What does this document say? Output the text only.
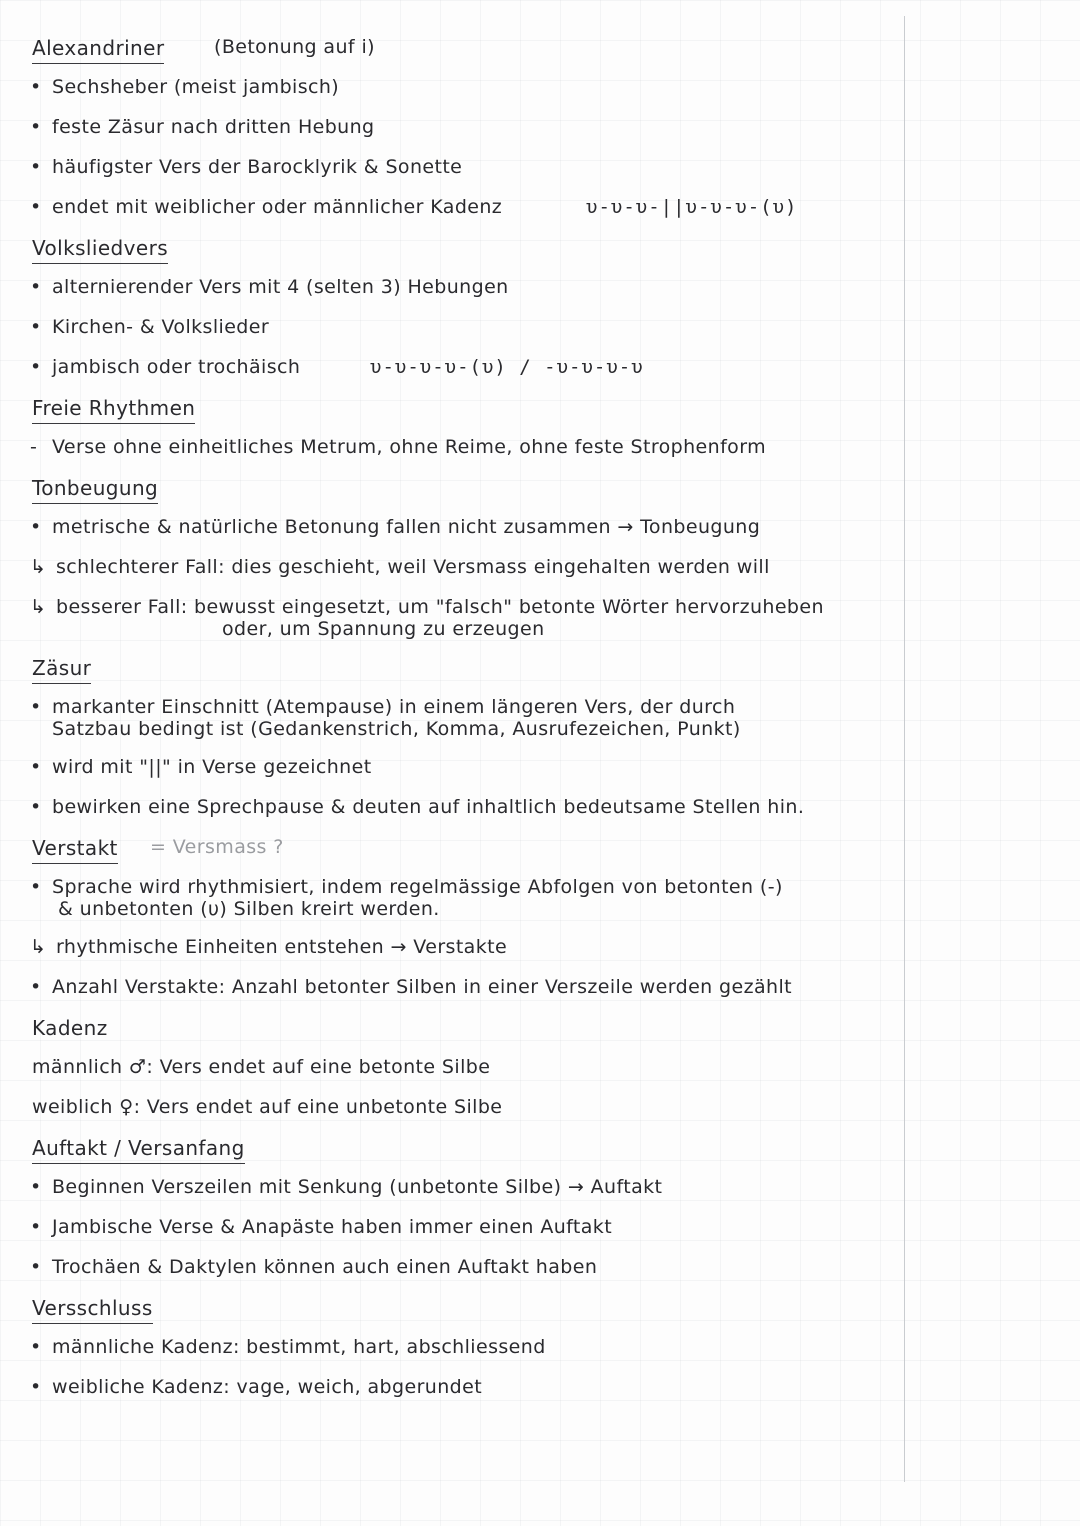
Alexandriner	(Betonung auf i)
• Sechsheber (meist jambisch)
• feste Zäsur nach dritten Hebung
• häufigster Vers der Barocklyrik & Sonette
• endet mit weiblicher oder männlicher Kadenz	υ-υ-υ-||υ-υ-υ-(υ)
Volksliedvers
• alternierender Vers mit 4 (selten 3) Hebungen
• Kirchen- & Volkslieder
• jambisch oder trochäisch	υ-υ-υ-υ-(υ) / -υ-υ-υ-υ
Freie Rhythmen
- Verse ohne einheitliches Metrum, ohne Reime, ohne feste Strophenform
Tonbeugung
• metrische & natürliche Betonung fallen nicht zusammen → Tonbeugung
↳ schlechterer Fall: dies geschieht, weil Versmass eingehalten werden will
↳ besserer Fall: bewusst eingesetzt, um "falsch" betonte Wörter hervorzuheben
oder, um Spannung zu erzeugen
Zäsur
• markanter Einschnitt (Atempause) in einem längeren Vers, der durch
Satzbau bedingt ist (Gedankenstrich, Komma, Ausrufezeichen, Punkt)
• wird mit "||" in Verse gezeichnet
• bewirken eine Sprechpause & deuten auf inhaltlich bedeutsame Stellen hin.
Verstakt = Versmass ?
• Sprache wird rhythmisiert, indem regelmässige Abfolgen von betonten (-)
& unbetonten (υ) Silben kreirt werden.
↳ rhythmische Einheiten entstehen → Verstakte
• Anzahl Verstakte: Anzahl betonter Silben in einer Verszeile werden gezählt
Kadenz
männlich ♂: Vers endet auf eine betonte Silbe
weiblich ♀: Vers endet auf eine unbetonte Silbe
Auftakt / Versanfang
• Beginnen Verszeilen mit Senkung (unbetonte Silbe) → Auftakt
• Jambische Verse & Anapäste haben immer einen Auftakt
• Trochäen & Daktylen können auch einen Auftakt haben
Versschluss
• männliche Kadenz: bestimmt, hart, abschliessend
• weibliche Kadenz: vage, weich, abgerundet
